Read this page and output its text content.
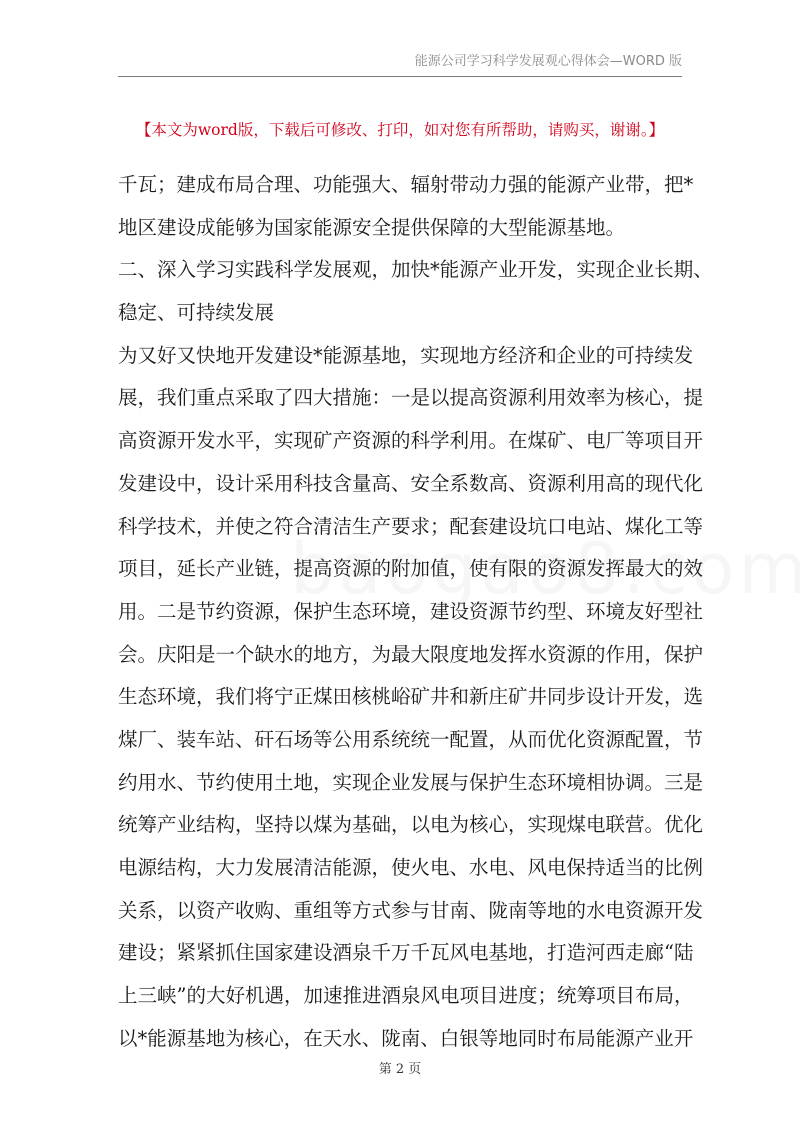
能源公司学习科学发展观心得体会—WORD 版
【本文为word版，下载后可修改、打印，如对您有所帮助，请购买，谢谢。】
千瓦；建成布局合理、功能强大、辐射带动力强的能源产业带，把*
地区建设成能够为国家能源安全提供保障的大型能源基地。
二、深入学习实践科学发展观，加快*能源产业开发，实现企业长期、
稳定、可持续发展
为又好又快地开发建设*能源基地，实现地方经济和企业的可持续发
展，我们重点采取了四大措施：一是以提高资源利用效率为核心，提
高资源开发水平，实现矿产资源的科学利用。在煤矿、电厂等项目开
发建设中，设计采用科技含量高、安全系数高、资源利用高的现代化
科学技术，并使之符合清洁生产要求；配套建设坑口电站、煤化工等
项目，延长产业链，提高资源的附加值，使有限的资源发挥最大的效
用。二是节约资源，保护生态环境，建设资源节约型、环境友好型社
会。庆阳是一个缺水的地方，为最大限度地发挥水资源的作用，保护
生态环境，我们将宁正煤田核桃峪矿井和新庄矿井同步设计开发，选
煤厂、装车站、矸石场等公用系统统一配置，从而优化资源配置，节
约用水、节约使用土地，实现企业发展与保护生态环境相协调。三是
统筹产业结构，坚持以煤为基础，以电为核心，实现煤电联营。优化
电源结构，大力发展清洁能源，使火电、水电、风电保持适当的比例
关系，以资产收购、重组等方式参与甘南、陇南等地的水电资源开发
建设；紧紧抓住国家建设酒泉千万千瓦风电基地，打造河西走廊“陆
上三峡”的大好机遇，加速推进酒泉风电项目进度；统筹项目布局，
以*能源基地为核心，在天水、陇南、白银等地同时布局能源产业开
第 2 页
